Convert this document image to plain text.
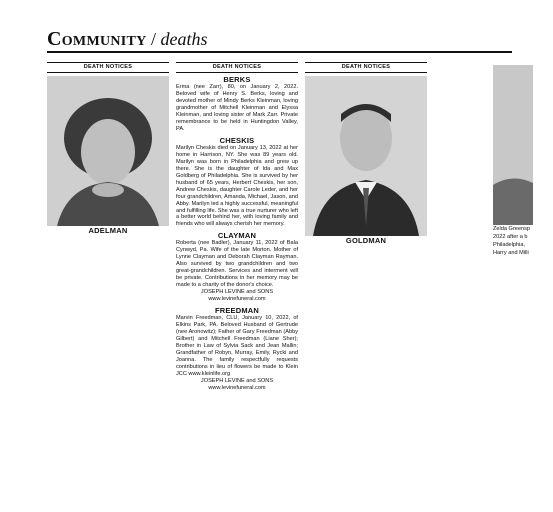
Community / deaths
DEATH NOTICES
ADELMAN
DEATH NOTICES
BERKS
Erma (nee Zarr), 80, on January 2, 2022. Beloved wife of Henry S. Berks, loving and devoted mother of Mindy Berks Kleinman, loving grandmother of Mitchell Kleinman and Elyssa Kleinman, and loving sister of Mark Zarr. Private remembrance to be held in Huntingdon Valley, PA.
CHESKIS
Marilyn Cheskis died on January 13, 2022 at her home in Harrison, NY. She was 89 years old. Marilyn was born in Philadelphia and grew up there. She is the daughter of Ida and Max Goldberg of Philadelphia. She is survived by her husband of 65 years, Herbert Cheskis, her son, Andrew Cheskis, daughter Carole Leder, and her four grandchildren, Amanda, Michael, Jason, and Abby. Marilyn led a highly successful, meaningful and fulfilling life. She was a true nurturer who left a better world behind her, with loving family and friends who will always cherish her memory.
CLAYMAN
Roberta (nee Badler), January 11, 2022 of Bala Cynwyd, Pa. Wife of the late Morton. Mother of Lynne Clayman and Deborah Clayman Rayman. Also survived by two grandchildren and two great-grandchildren. Services and interment will be private. Contributions in her memory may be made to a charity of the donor's choice.
JOSEPH LEVINE and SONS
www.levinefuneral.com
FREEDMAN
Marvin Freedman, CLU, January 10, 2022, of Elkins Park, PA. Beloved Husband of Gertrude (nee Aronowitz); Father of Gary Freedman (Abby Gilbert) and Mitchell Freedman (Liane Sher); Brother in Law of Sylvia Sack and Jean Mallin; Grandfather of Robyn, Murray, Emily, Rycki and Joanna. The family respectfully requests contributions in lieu of flowers be made to Klein JCC www.kleinlife.org
JOSEPH LEVINE and SONS
www.levinefuneral.com
DEATH NOTICES
GOLDMAN

Zelda Greensp

2022 after a b

Philadelphia,

Harry and Milli
